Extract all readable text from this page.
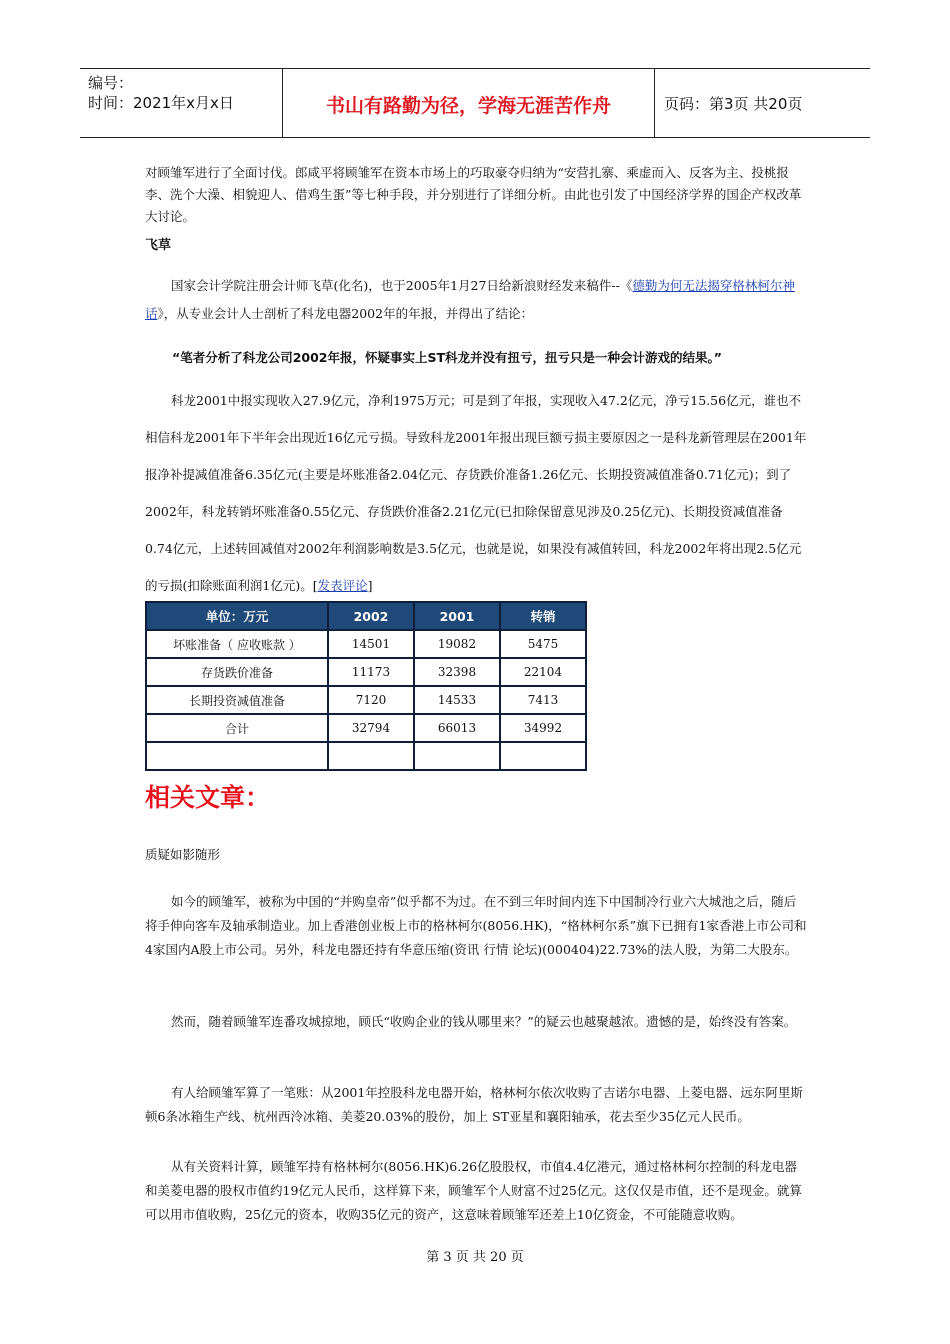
编号：
时间：2021年x月x日	书山有路勤为径，学海无涯苦作舟	页码：第3页 共20页
对顾雏军进行了全面讨伐。郎咸平将顾雏军在资本市场上的巧取豪夺归纳为“安营扎寨、乘虚而入、反客为主、投桃报李、洗个大澡、相貌迎人、借鸡生蛋”等七种手段，并分别进行了详细分析。由此也引发了中国经济学界的国企产权改革大讨论。
飞草
国家会计学院注册会计师飞草(化名)，也于2005年1月27日给新浪财经发来稿件--《德勤为何无法揭穿格林柯尔神话》，从专业会计人士剖析了科龙电器2002年的年报，并得出了结论：
“笔者分析了科龙公司2002年报，怀疑事实上ST科龙并没有扭亏，扭亏只是一种会计游戏的结果。”
科龙2001中报实现收入27.9亿元，净利1975万元；可是到了年报，实现收入47.2亿元，净亏15.56亿元，谁也不相信科龙2001年下半年会出现近16亿元亏损。导致科龙2001年报出现巨额亏损主要原因之一是科龙新管理层在2001年报净补提减值准备6.35亿元(主要是坏账准备2.04亿元、存货跌价准备1.26亿元、长期投资减值准备0.71亿元)；到了2002年，科龙转销坏账准备0.55亿元、存货跌价准备2.21亿元(已扣除保留意见涉及0.25亿元)、长期投资减值准备0.74亿元，上述转回减值对2002年利润影响数是3.5亿元，也就是说，如果没有减值转回，科龙2002年将出现2.5亿元的亏损(扣除账面利润1亿元)。[发表评论]
单位：万元	2002	2001	转销
坏账准备（ 应收账款 ）	14501	19082	5475
存货跌价准备	11173	32398	22104
长期投资减值准备	7120	14533	7413
合计	32794	66013	34992

相关文章：
质疑如影随形
如今的顾雏军，被称为中国的“并购皇帝”似乎都不为过。在不到三年时间内连下中国制冷行业六大城池之后，随后将手伸向客车及轴承制造业。加上香港创业板上市的格林柯尔(8056.HK)，“格林柯尔系”旗下已拥有1家香港上市公司和4家国内A股上市公司。另外，科龙电器还持有华意压缩(资讯 行情 论坛)(000404)22.73%的法人股，为第二大股东。
然而，随着顾雏军连番攻城掠地，顾氏“收购企业的钱从哪里来？”的疑云也越聚越浓。遗憾的是，始终没有答案。
有人给顾雏军算了一笔账：从2001年控股科龙电器开始，格林柯尔依次收购了吉诺尔电器、上菱电器、远东阿里斯顿6条冰箱生产线、杭州西泠冰箱、美菱20.03%的股份，加上 ST亚星和襄阳轴承，花去至少35亿元人民币。
从有关资料计算，顾雏军持有格林柯尔(8056.HK)6.26亿股股权，市值4.4亿港元，通过格林柯尔控制的科龙电器和美菱电器的股权市值约19亿元人民币，这样算下来，顾雏军个人财富不过25亿元。这仅仅是市值，还不是现金。就算可以用市值收购，25亿元的资本，收购35亿元的资产，这意味着顾雏军还差上10亿资金，不可能随意收购。
第 3 页 共 20 页
